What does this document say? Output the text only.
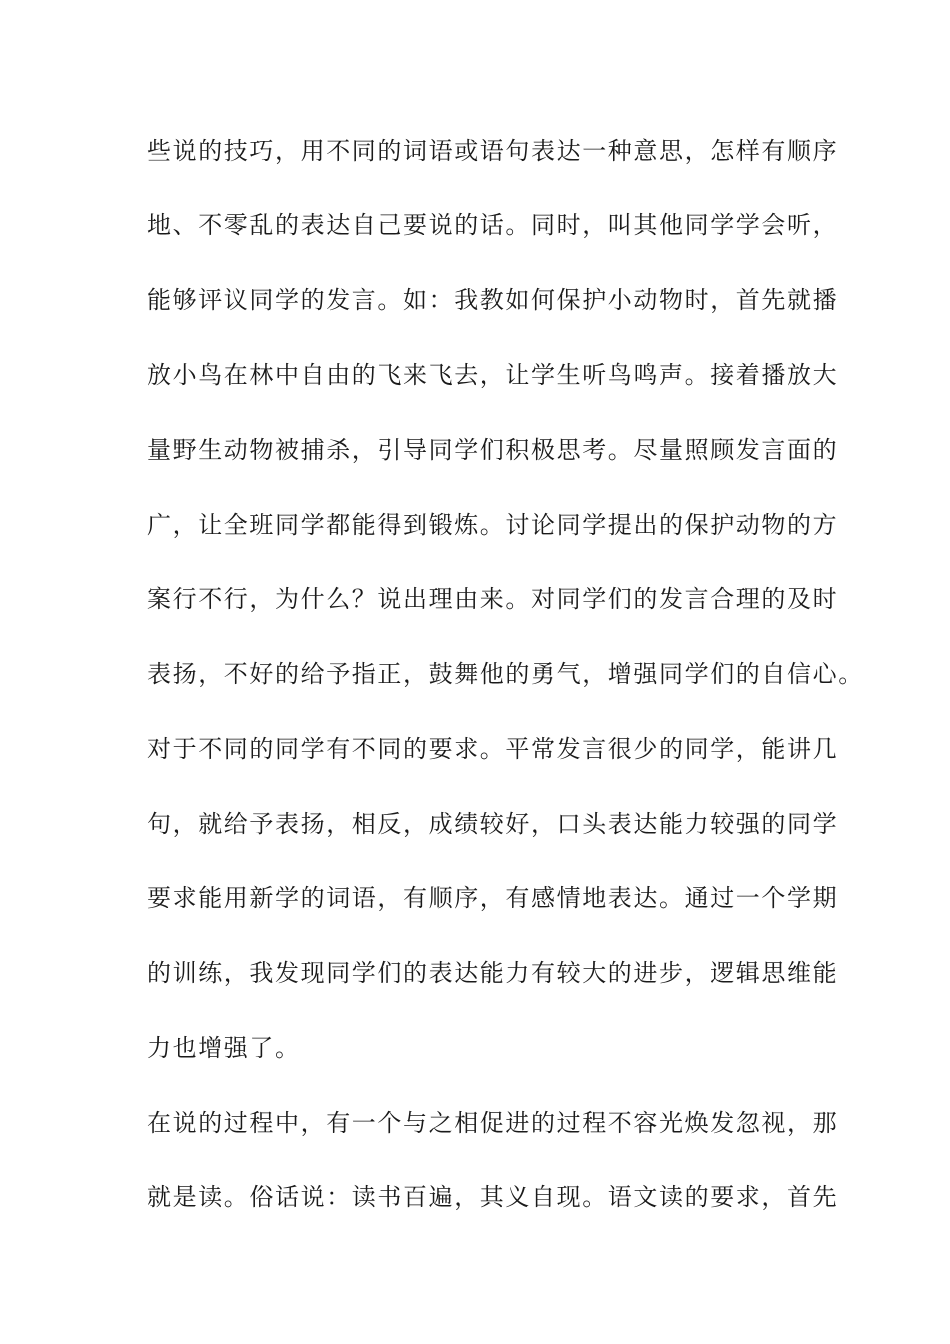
些说的技巧，用不同的词语或语句表达一种意思，怎样有顺序
地、不零乱的表达自己要说的话。同时，叫其他同学学会听，
能够评议同学的发言。如：我教如何保护小动物时，首先就播
放小鸟在林中自由的飞来飞去，让学生听鸟鸣声。接着播放大
量野生动物被捕杀，引导同学们积极思考。尽量照顾发言面的
广，让全班同学都能得到锻炼。讨论同学提出的保护动物的方
案行不行，为什么？说出理由来。对同学们的发言合理的及时
表扬，不好的给予指正，鼓舞他的勇气，增强同学们的自信心。
对于不同的同学有不同的要求。平常发言很少的同学，能讲几
句，就给予表扬，相反，成绩较好，口头表达能力较强的同学
要求能用新学的词语，有顺序，有感情地表达。通过一个学期
的训练，我发现同学们的表达能力有较大的进步，逻辑思维能
力也增强了。
在说的过程中，有一个与之相促进的过程不容光焕发忽视，那
就是读。俗话说：读书百遍，其义自现。语文读的要求，首先
